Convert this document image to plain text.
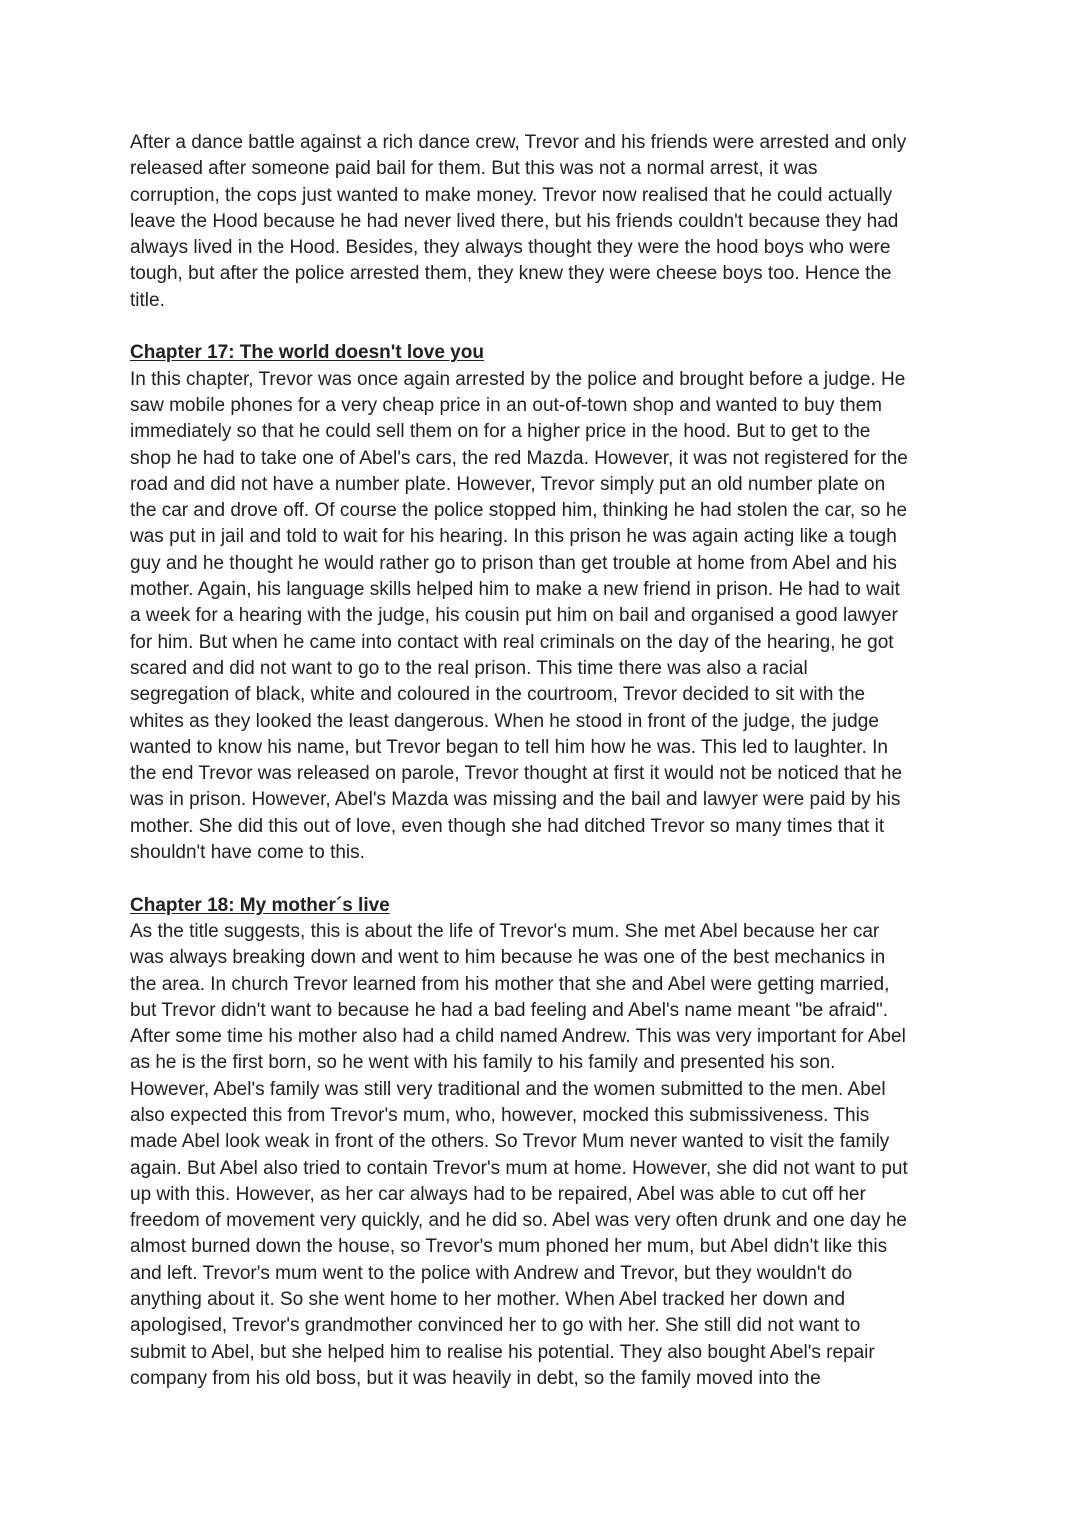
After a dance battle against a rich dance crew, Trevor and his friends were arrested and only
released after someone paid bail for them. But this was not a normal arrest, it was
corruption, the cops just wanted to make money. Trevor now realised that he could actually
leave the Hood because he had never lived there, but his friends couldn't because they had
always lived in the Hood. Besides, they always thought they were the hood boys who were
tough, but after the police arrested them, they knew they were cheese boys too. Hence the
title.
Chapter 17: The world doesn't love you
In this chapter, Trevor was once again arrested by the police and brought before a judge. He
saw mobile phones for a very cheap price in an out-of-town shop and wanted to buy them
immediately so that he could sell them on for a higher price in the hood. But to get to the
shop he had to take one of Abel's cars, the red Mazda. However, it was not registered for the
road and did not have a number plate. However, Trevor simply put an old number plate on
the car and drove off. Of course the police stopped him, thinking he had stolen the car, so he
was put in jail and told to wait for his hearing. In this prison he was again acting like a tough
guy and he thought he would rather go to prison than get trouble at home from Abel and his
mother. Again, his language skills helped him to make a new friend in prison. He had to wait
a week for a hearing with the judge, his cousin put him on bail and organised a good lawyer
for him. But when he came into contact with real criminals on the day of the hearing, he got
scared and did not want to go to the real prison. This time there was also a racial
segregation of black, white and coloured in the courtroom, Trevor decided to sit with the
whites as they looked the least dangerous. When he stood in front of the judge, the judge
wanted to know his name, but Trevor began to tell him how he was. This led to laughter. In
the end Trevor was released on parole, Trevor thought at first it would not be noticed that he
was in prison. However, Abel's Mazda was missing and the bail and lawyer were paid by his
mother. She did this out of love, even though she had ditched Trevor so many times that it
shouldn't have come to this.
Chapter 18: My mother´s live
As the title suggests, this is about the life of Trevor's mum. She met Abel because her car
was always breaking down and went to him because he was one of the best mechanics in
the area. In church Trevor learned from his mother that she and Abel were getting married,
but Trevor didn't want to because he had a bad feeling and Abel's name meant "be afraid".
After some time his mother also had a child named Andrew. This was very important for Abel
as he is the first born, so he went with his family to his family and presented his son.
However, Abel's family was still very traditional and the women submitted to the men. Abel
also expected this from Trevor's mum, who, however, mocked this submissiveness. This
made Abel look weak in front of the others. So Trevor Mum never wanted to visit the family
again. But Abel also tried to contain Trevor's mum at home. However, she did not want to put
up with this. However, as her car always had to be repaired, Abel was able to cut off her
freedom of movement very quickly, and he did so. Abel was very often drunk and one day he
almost burned down the house, so Trevor's mum phoned her mum, but Abel didn't like this
and left. Trevor's mum went to the police with Andrew and Trevor, but they wouldn't do
anything about it. So she went home to her mother. When Abel tracked her down and
apologised, Trevor's grandmother convinced her to go with her. She still did not want to
submit to Abel, but she helped him to realise his potential. They also bought Abel's repair
company from his old boss, but it was heavily in debt, so the family moved into the
